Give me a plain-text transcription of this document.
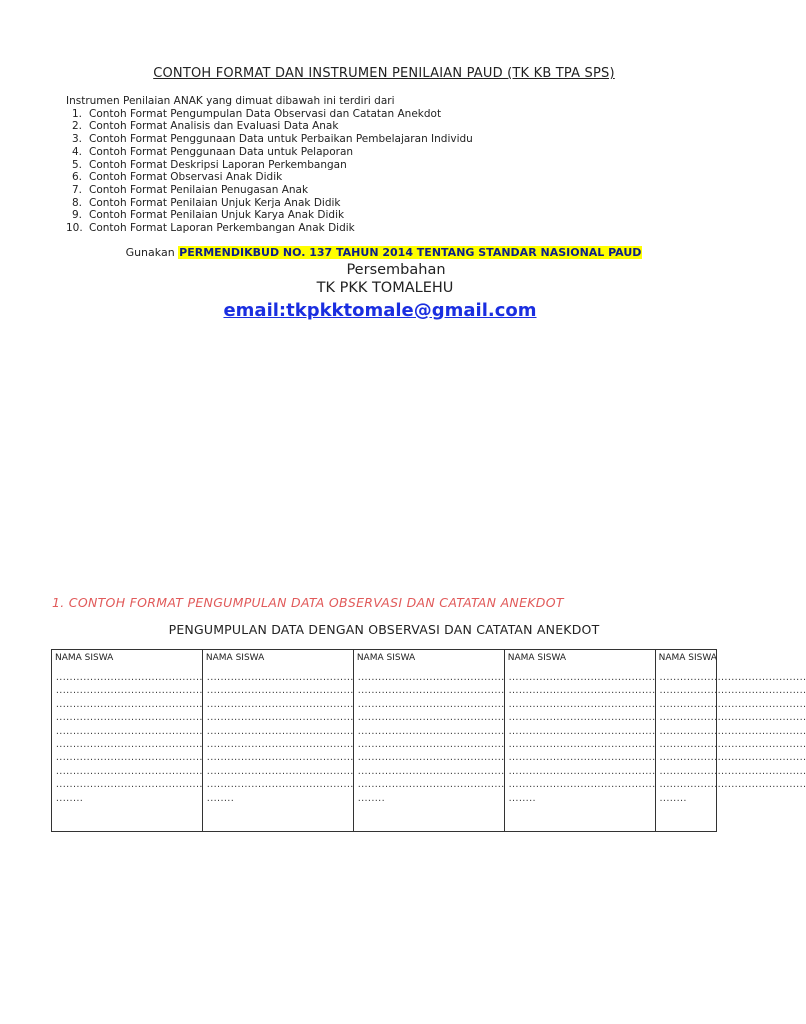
CONTOH FORMAT DAN INSTRUMEN PENILAIAN PAUD (TK KB TPA SPS)
Instrumen Penilaian ANAK yang dimuat dibawah ini terdiri dari
1. Contoh Format Pengumpulan Data Observasi dan Catatan Anekdot
2. Contoh Format Analisis dan Evaluasi Data Anak
3. Contoh Format Penggunaan Data untuk Perbaikan Pembelajaran Individu
4. Contoh Format Penggunaan Data untuk Pelaporan
5. Contoh Format Deskripsi Laporan Perkembangan
6. Contoh Format Observasi Anak Didik
7. Contoh Format Penilaian Penugasan Anak
8. Contoh Format Penilaian Unjuk Kerja Anak Didik
9. Contoh Format Penilaian Unjuk Karya Anak Didik
10. Contoh Format Laporan Perkembangan Anak Didik
Gunakan PERMENDIKBUD NO. 137 TAHUN 2014 TENTANG STANDAR NASIONAL PAUD
Persembahan
TK PKK TOMALEHU
email:tkpkktomale@gmail.com
1. CONTOH FORMAT PENGUMPULAN DATA OBSERVASI DAN CATATAN ANEKDOT
PENGUMPULAN DATA DENGAN OBSERVASI DAN CATATAN ANEKDOT
NAMA SISWA
...........................................
...........................................
...........................................
...........................................
...........................................
...........................................
...........................................
...........................................
...........................................
........
NAMA SISWA
...........................................
...........................................
...........................................
...........................................
...........................................
...........................................
...........................................
...........................................
...........................................
........
NAMA SISWA
...........................................
...........................................
...........................................
...........................................
...........................................
...........................................
...........................................
...........................................
...........................................
........
NAMA SISWA
...........................................
...........................................
...........................................
...........................................
...........................................
...........................................
...........................................
...........................................
...........................................
........
NAMA SISWA
...........................................
...........................................
...........................................
...........................................
...........................................
...........................................
...........................................
...........................................
...........................................
........
